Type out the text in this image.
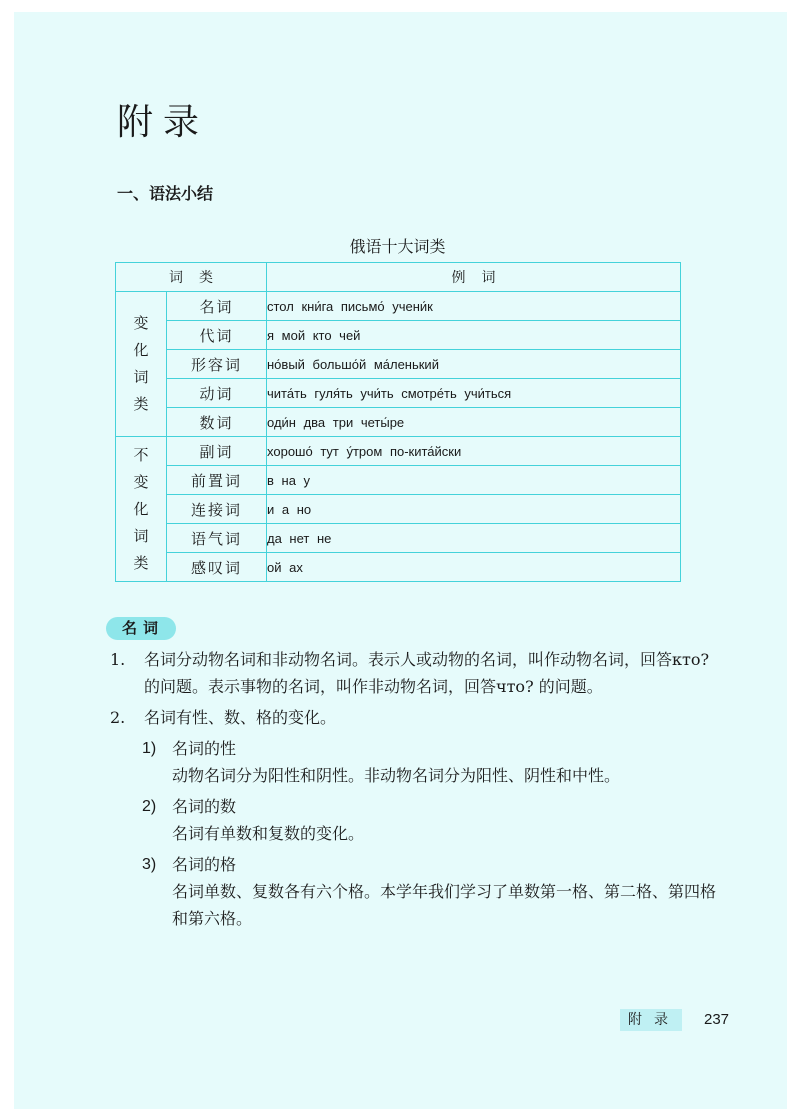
附录
一、语法小结
俄语十大词类
词类		例词

变
化
词
类	名词	стол кни́га письмо́ учени́к
	代词	я мой кто чей
	形容词	но́вый большо́й ма́ленький
	动词	чита́ть гуля́ть учи́ть смотре́ть учи́ться
	数词	оди́н два три четы́ре

不
变
化
词
类	副词	хорошо́ тут у́тром по-кита́йски
	前置词	в на у
	连接词	и а но
	语气词	да нет не
	感叹词	ой ах
名词
1. 名词分动物名词和非动物名词。表示人或动物的名词，叫作动物名词，回答кто? 的问题。表示事物的名词，叫作非动物名词，回答что? 的问题。
2. 名词有性、数、格的变化。
1) 名词的性
动物名词分为阳性和阴性。非动物名词分为阳性、阴性和中性。
2) 名词的数
名词有单数和复数的变化。
3) 名词的格
名词单数、复数各有六个格。本学年我们学习了单数第一格、第二格、第四格和第六格。
附录 237
